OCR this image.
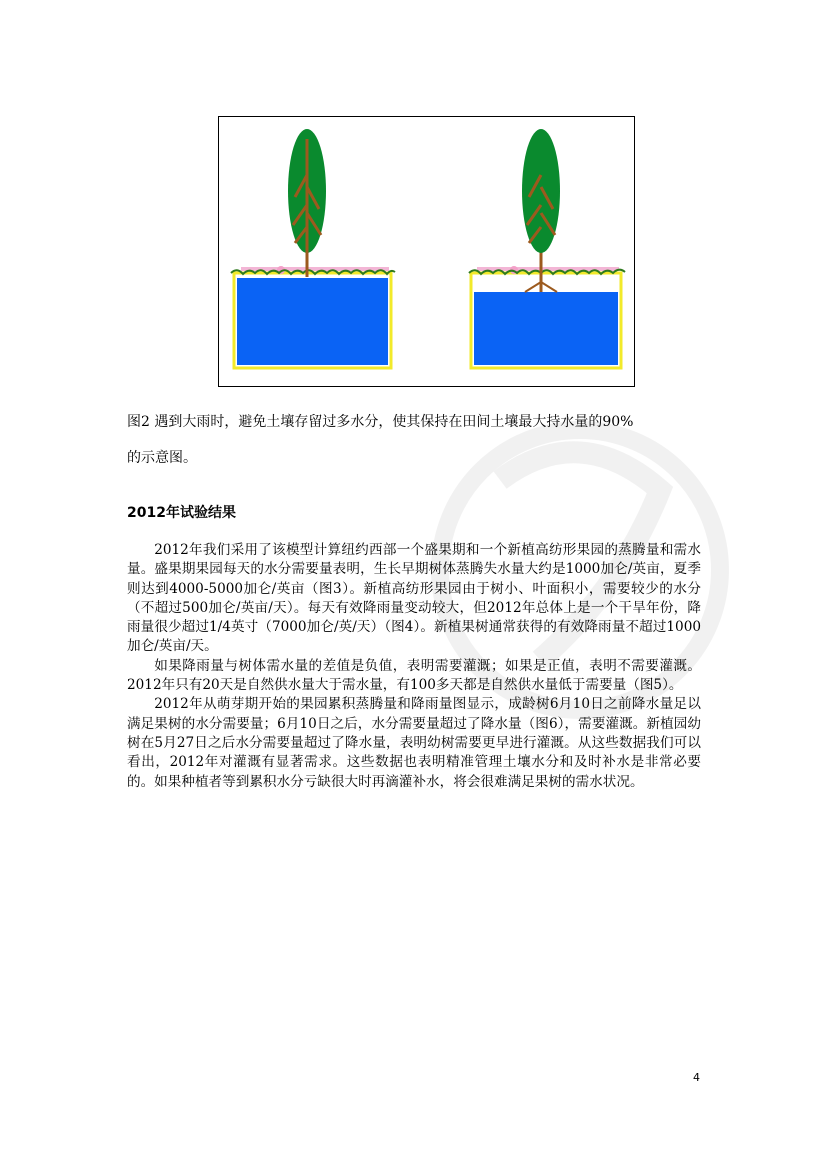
图2 遇到大雨时，避免土壤存留过多水分，使其保持在田间土壤最大持水量的90%
的示意图。
2012年试验结果

2012年我们采用了该模型计算纽约西部一个盛果期和一个新植高纺形果园的蒸腾量和需水量。盛果期果园每天的水分需要量表明，生长早期树体蒸腾失水量大约是1000加仑/英亩，夏季则达到4000-5000加仑/英亩（图3）。新植高纺形果园由于树小、叶面积小，需要较少的水分（不超过500加仑/英亩/天）。每天有效降雨量变动较大，但2012年总体上是一个干旱年份，降雨量很少超过1/4英寸（7000加仑/英/天）（图4）。新植果树通常获得的有效降雨量不超过1000加仑/英亩/天。

如果降雨量与树体需水量的差值是负值，表明需要灌溉；如果是正值，表明不需要灌溉。2012年只有20天是自然供水量大于需水量，有100多天都是自然供水量低于需要量（图5）。

2012年从萌芽期开始的果园累积蒸腾量和降雨量图显示，成龄树6月10日之前降水量足以满足果树的水分需要量；6月10日之后，水分需要量超过了降水量（图6），需要灌溉。新植园幼树在5月27日之后水分需要量超过了降水量，表明幼树需要更早进行灌溉。从这些数据我们可以看出，2012年对灌溉有显著需求。这些数据也表明精准管理土壤水分和及时补水是非常必要的。如果种植者等到累积水分亏缺很大时再滴灌补水，将会很难满足果树的需水状况。

4
